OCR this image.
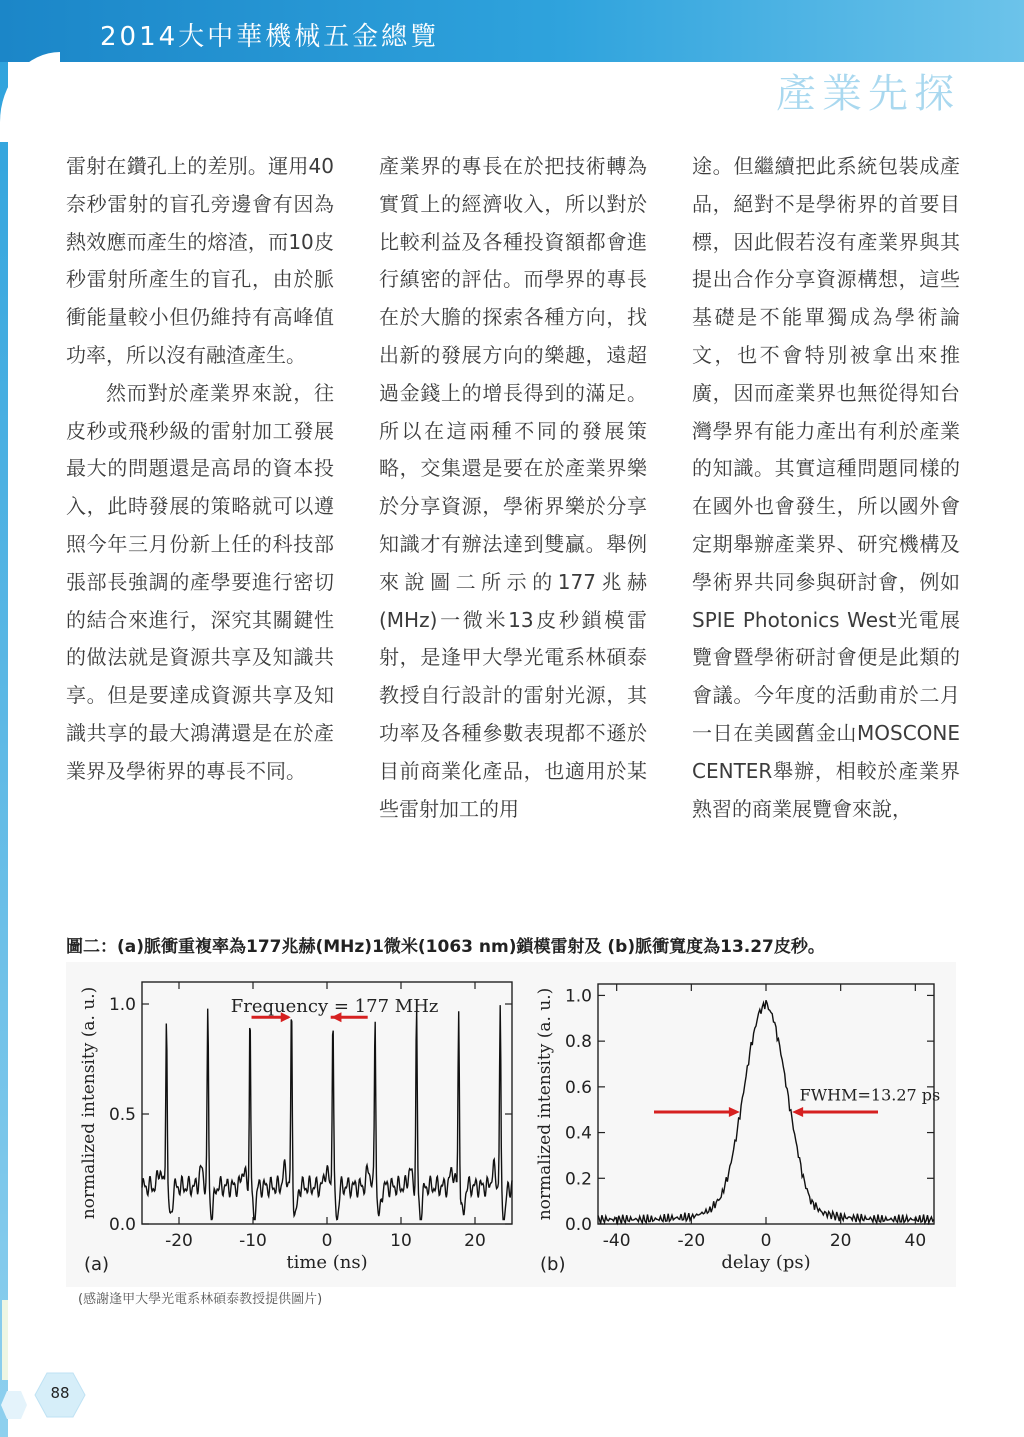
2014大中華機械五金總覽
產業先探

雷射在鑽孔上的差別。運用40奈秒雷射的盲孔旁邊會有因為熱效應而產生的熔渣，而10皮秒雷射所產生的盲孔，由於脈衝能量較小但仍維持有高峰值功率，所以沒有融渣產生。

然而對於產業界來說，往皮秒或飛秒級的雷射加工發展最大的問題還是高昂的資本投入，此時發展的策略就可以遵照今年三月份新上任的科技部張部長強調的產學要進行密切的結合來進行，深究其關鍵性的做法就是資源共享及知識共享。但是要達成資源共享及知識共享的最大鴻溝還是在於產業界及學術界的專長不同。

產業界的專長在於把技術轉為實質上的經濟收入，所以對於比較利益及各種投資額都會進行縝密的評估。而學界的專長在於大膽的探索各種方向，找出新的發展方向的樂趣，遠超過金錢上的增長得到的滿足。所以在這兩種不同的發展策略，交集還是要在於產業界樂於分享資源，學術界樂於分享知識才有辦法達到雙贏。舉例來說圖二所示的177兆赫(MHz)一微米13皮秒鎖模雷射，是逢甲大學光電系林碩泰教授自行設計的雷射光源，其功率及各種參數表現都不遜於目前商業化產品，也適用於某些雷射加工的用

途。但繼續把此系統包裝成產品，絕對不是學術界的首要目標，因此假若沒有產業界與其提出合作分享資源構想，這些基礎是不能單獨成為學術論文，也不會特別被拿出來推廣，因而產業界也無從得知台灣學界有能力產出有利於產業的知識。其實這種問題同樣的在國外也會發生，所以國外會定期舉辦產業界、研究機構及學術界共同參與研討會，例如SPIE Photonics West光電展覽會暨學術研討會便是此類的會議。今年度的活動甫於二月一日在美國舊金山MOSCONE CENTER舉辦，相較於產業界熟習的商業展覽會來說，

圖二：(a)脈衝重複率為177兆赫(MHz)1微米(1063 nm)鎖模雷射及 (b)脈衝寬度為13.27皮秒。
-20	-10	0	10	20
0.0
0.5
1.0
time (ns)
normalized intensity (a. u.)
(a)
Frequency = 177 MHz
-40	-20	0	20	40
0.0
0.2
0.4
0.6
0.8
1.0
delay (ps)
normalized intensity (a. u.)
(b)
FWHM=13.27 ps
(感謝逢甲大學光電系林碩泰教授提供圖片)
88
